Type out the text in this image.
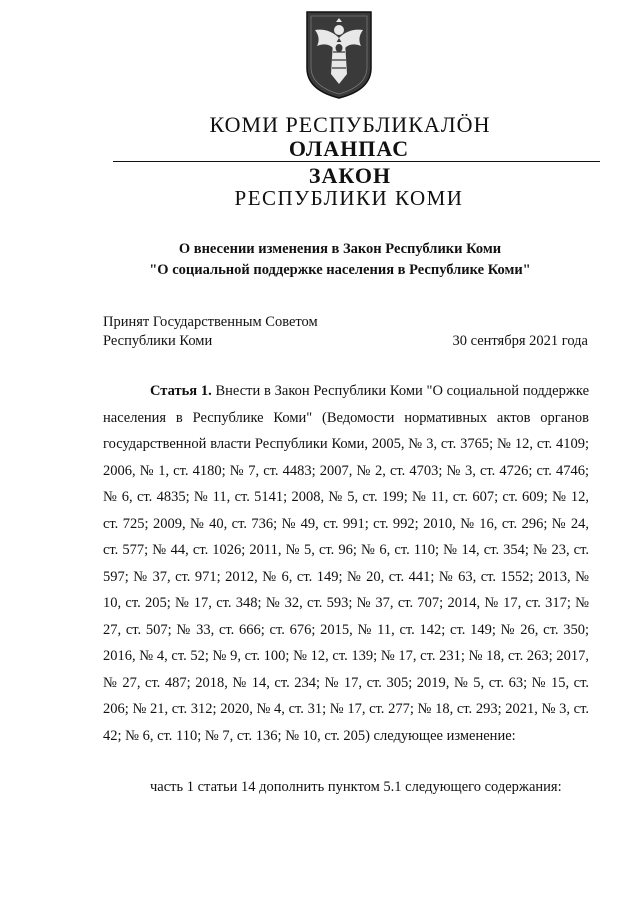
КОМИ РЕСПУБЛИКАЛӦН
ОЛАНПАС
ЗАКОН
РЕСПУБЛИКИ КОМИ
О внесении изменения в Закон Республики Коми
"О социальной поддержке населения в Республике Коми"
Принят Государственным Советом
Республики Коми	30 сентября 2021 года

Статья 1. Внести в Закон Республики Коми "О социальной поддержке населения в Республике Коми" (Ведомости нормативных актов органов государственной власти Республики Коми, 2005, № 3, ст. 3765; № 12, ст. 4109; 2006, № 1, ст. 4180; № 7, ст. 4483; 2007, № 2, ст. 4703; № 3, ст. 4726; ст. 4746; № 6, ст. 4835; № 11, ст. 5141; 2008, № 5, ст. 199; № 11, ст. 607; ст. 609; № 12, ст. 725; 2009, № 40, ст. 736; № 49, ст. 991; ст. 992; 2010, № 16, ст. 296; № 24, ст. 577; № 44, ст. 1026; 2011, № 5, ст. 96; № 6, ст. 110; № 14, ст. 354; № 23, ст. 597; № 37, ст. 971; 2012, № 6, ст. 149; № 20, ст. 441; № 63, ст. 1552; 2013, № 10, ст. 205; № 17, ст. 348; № 32, ст. 593; № 37, ст. 707; 2014, № 17, ст. 317; № 27, ст. 507; № 33, ст. 666; ст. 676; 2015, № 11, ст. 142; ст. 149; № 26, ст. 350; 2016, № 4, ст. 52; № 9, ст. 100; № 12, ст. 139; № 17, ст. 231; № 18, ст. 263; 2017, № 27, ст. 487; 2018, № 14, ст. 234; № 17, ст. 305; 2019, № 5, ст. 63; № 15, ст. 206; № 21, ст. 312; 2020, № 4, ст. 31; № 17, ст. 277; № 18, ст. 293; 2021, № 3, ст. 42; № 6, ст. 110; № 7, ст. 136; № 10, ст. 205) следующее изменение:

часть 1 статьи 14 дополнить пунктом 5.1 следующего содержания:
